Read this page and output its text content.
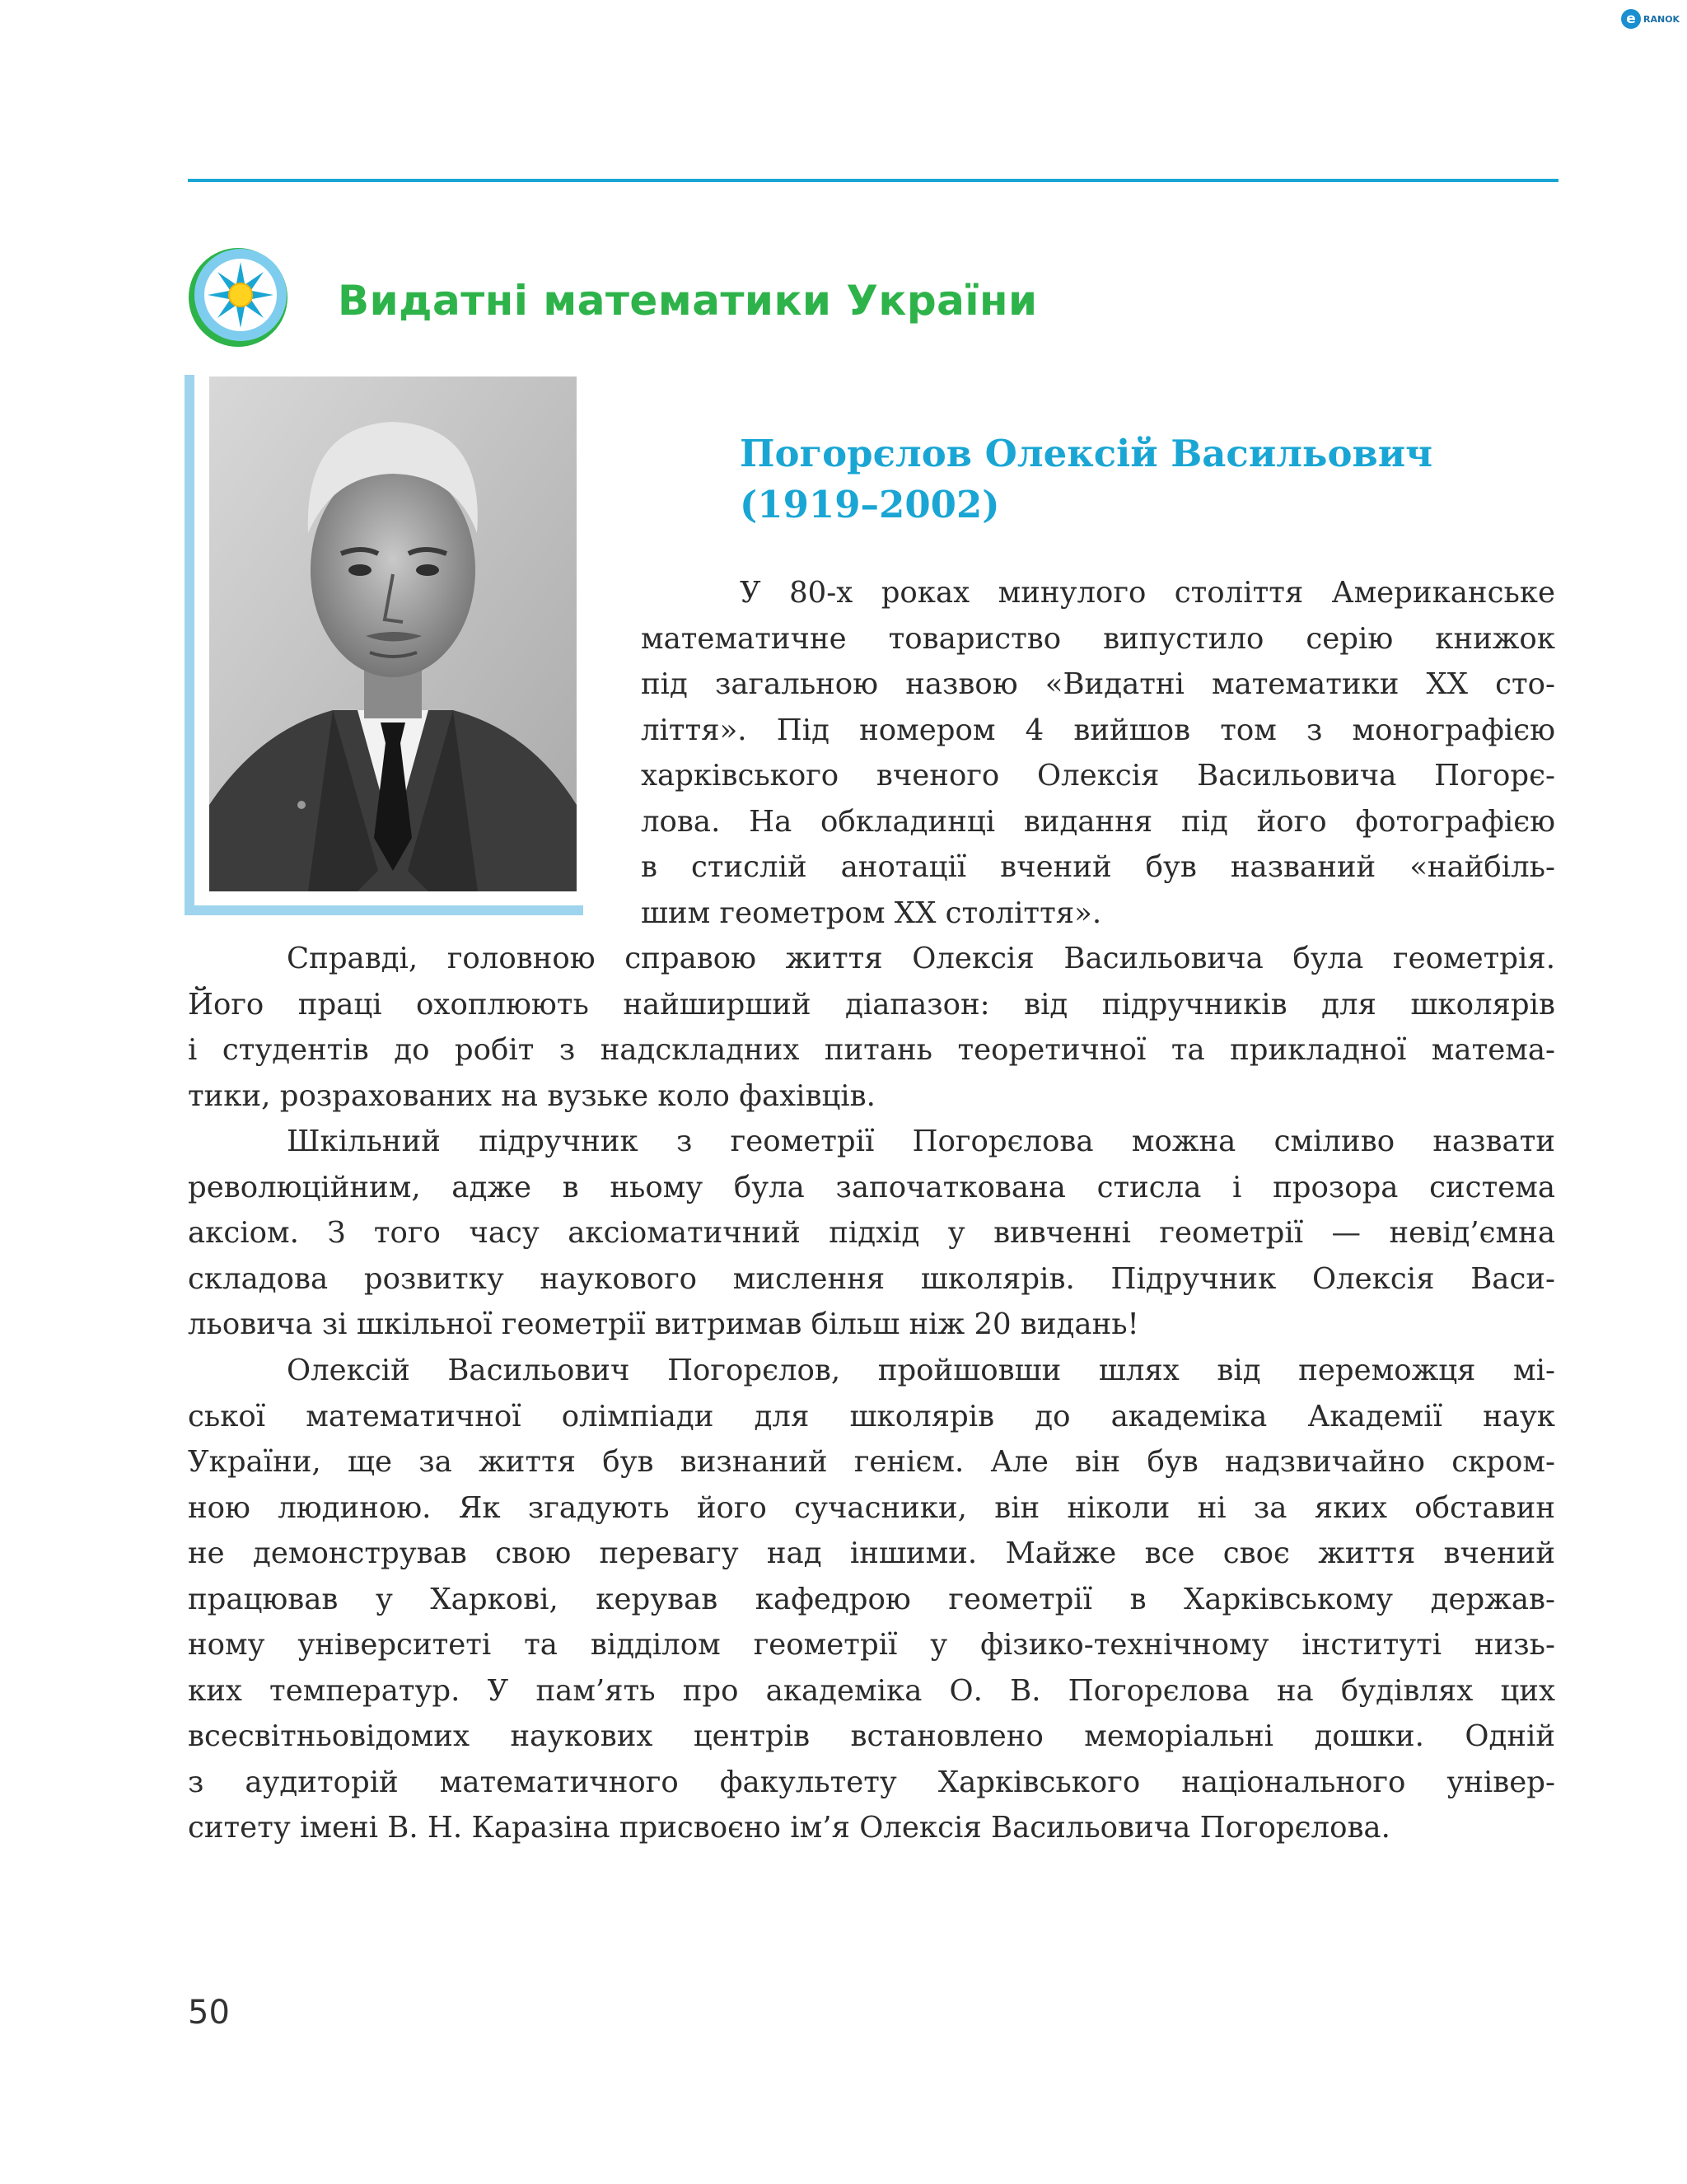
e RANOK
Видатні математики України
Погорєлов Олексій Васильович
(1919–2002)

У 80-х роках минулого століття Американське
математичне товариство випустило серію книжок
під загальною назвою «Видатні математики XX сто-
ліття». Під номером 4 вийшов том з монографією
харківського вченого Олексія Васильовича Погорє-
лова. На обкладинці видання під його фотографією
в стислій анотації вчений був названий «найбіль-
шим геометром XX століття».

Справді, головною справою життя Олексія Васильовича була геометрія.
Його праці охоплюють найширший діапазон: від підручників для школярів
і студентів до робіт з надскладних питань теоретичної та прикладної матема-
тики, розрахованих на вузьке коло фахівців.

Шкільний підручник з геометрії Погорєлова можна сміливо назвати
революційним, адже в ньому була започаткована стисла і прозора система
аксіом. З того часу аксіоматичний підхід у вивченні геометрії — невід’ємна
складова розвитку наукового мислення школярів. Підручник Олексія Васи-
льовича зі шкільної геометрії витримав більш ніж 20 видань!

Олексій Васильович Погорєлов, пройшовши шлях від переможця мі-
ської математичної олімпіади для школярів до академіка Академії наук
України, ще за життя був визнаний генієм. Але він був надзвичайно скром-
ною людиною. Як згадують його сучасники, він ніколи ні за яких обставин
не демонстрував свою перевагу над іншими. Майже все своє життя вчений
працював у Харкові, керував кафедрою геометрії в Харківському держав-
ному університеті та відділом геометрії у фізико-технічному інституті низь-
ких температур. У пам’ять про академіка О. В. Погорєлова на будівлях цих
всесвітньовідомих наукових центрів встановлено меморіальні дошки. Одній
з аудиторій математичного факультету Харківського національного універ-
ситету імені В. Н. Каразіна присвоєно ім’я Олексія Васильовича Погорєлова.

50
